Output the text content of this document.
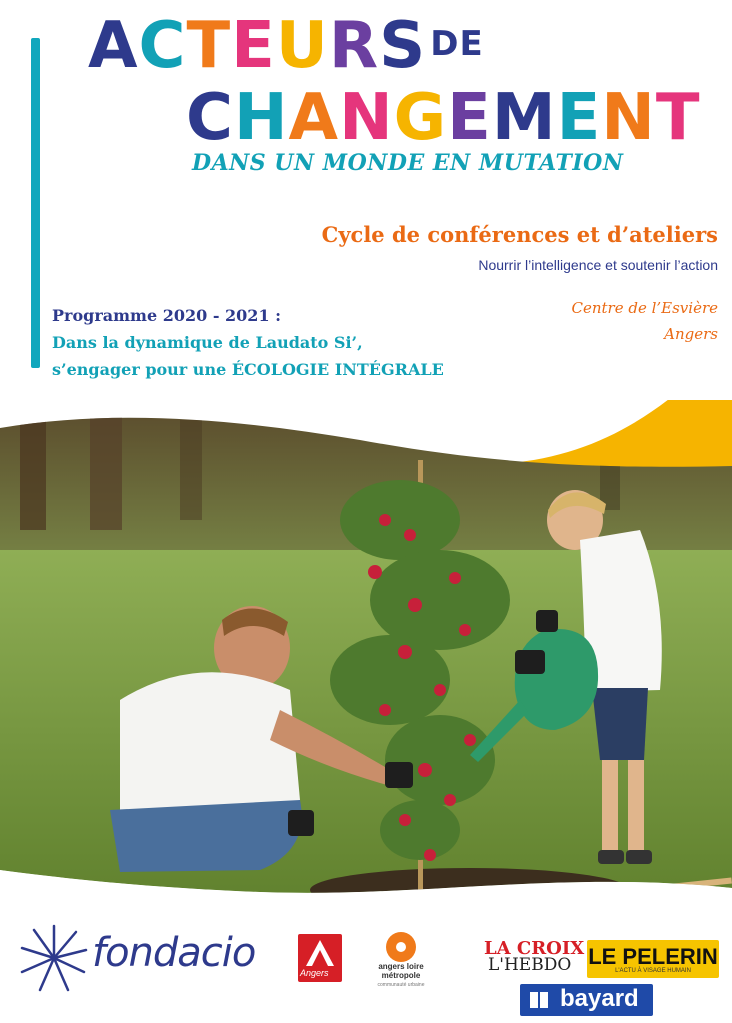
ACTEURS DE
CHANGEMENT
DANS UN MONDE EN MUTATION
Cycle de conférences et d’ateliers
Nourrir l’intelligence et soutenir l’action
Centre de l’Esvière
Angers
Programme 2020 - 2021 :
Dans la dynamique de Laudato Si’,
s’engager pour une ÉCOLOGIE INTÉGRALE
fondacio	Angers
angers loire métropole
communauté urbaine
LA CROIX
L'HEBDO LE PELERIN
L'ACTU À VISAGE HUMAIN
bayard
